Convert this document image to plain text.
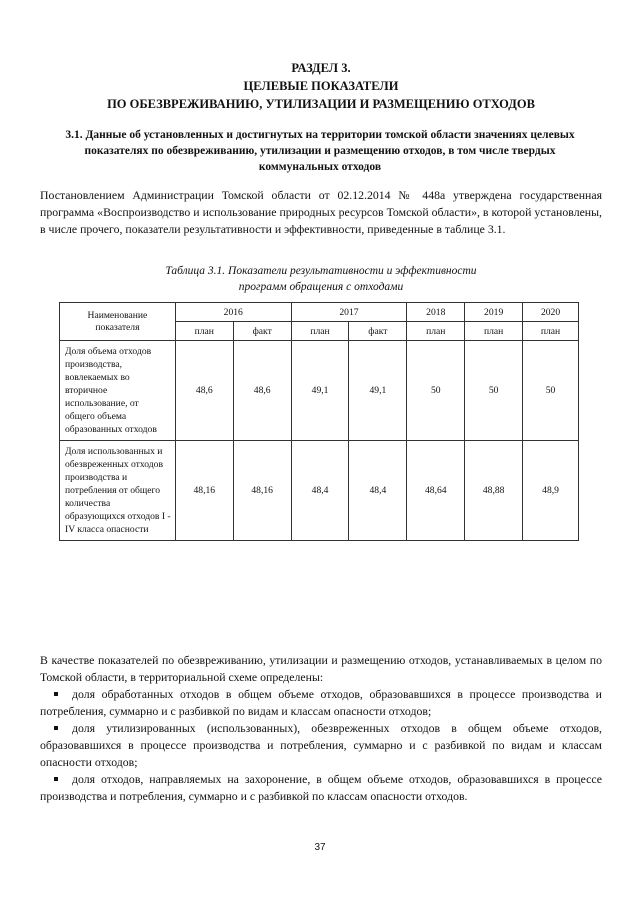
РАЗДЕЛ 3.
ЦЕЛЕВЫЕ ПОКАЗАТЕЛИ
ПО ОБЕЗВРЕЖИВАНИЮ, УТИЛИЗАЦИИ И РАЗМЕЩЕНИЮ ОТХОДОВ
3.1. Данные об установленных и достигнутых на территории томской области значениях целевых показателях по обезвреживанию, утилизации и размещению отходов, в том числе твердых коммунальных отходов
Постановлением Администрации Томской области от 02.12.2014 № 448а утверждена государственная программа «Воспроизводство и использование природных ресурсов Томской области», в которой установлены, в числе прочего, показатели результативности и эффективности, приведенные в таблице 3.1.
Таблица 3.1. Показатели результативности и эффективности
программ обращения с отходами
Наименование показателя	2016		2017		2018	2019	2020
	план	факт	план	факт	план	план	план
Доля объема отходов производства, вовлекаемых во вторичное использование, от общего объема образованных отходов	48,6	48,6	49,1	49,1	50	50	50
Доля использованных и обезвреженных отходов производства и потребления от общего количества образующихся отходов I - IV класса опасности	48,16	48,16	48,4	48,4	48,64	48,88	48,9
В качестве показателей по обезвреживанию, утилизации и размещению отходов, устанавливаемых в целом по Томской области, в территориальной схеме определены:
доля обработанных отходов в общем объеме отходов, образовавшихся в процессе производства и потребления, суммарно и с разбивкой по видам и классам опасности отходов;
доля утилизированных (использованных), обезвреженных отходов в общем объеме отходов, образовавшихся в процессе производства и потребления, суммарно и с разбивкой по видам и классам опасности отходов;
доля отходов, направляемых на захоронение, в общем объеме отходов, образовавшихся в процессе производства и потребления, суммарно и с разбивкой по классам опасности отходов.
37
